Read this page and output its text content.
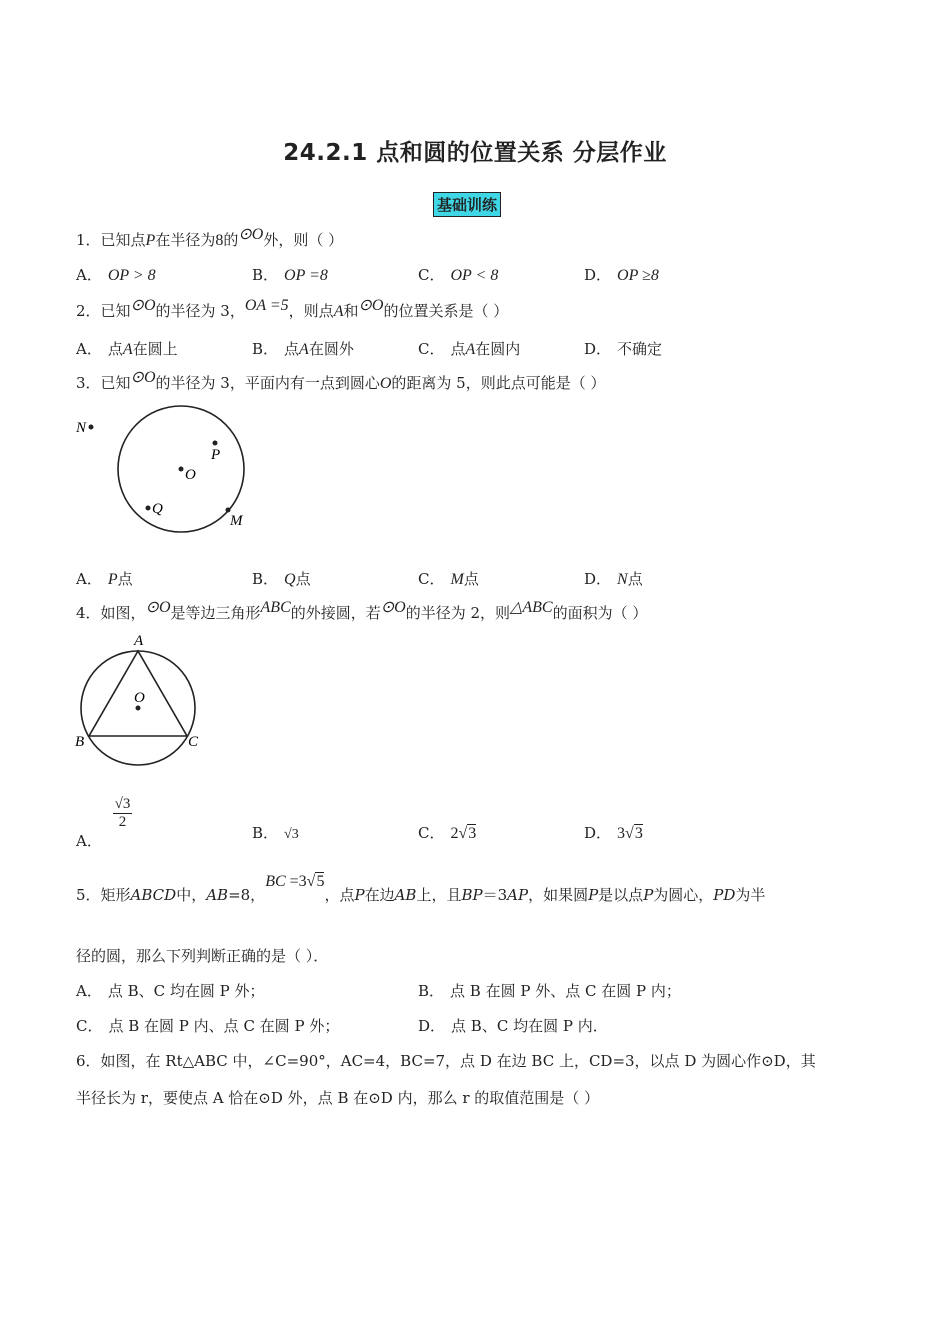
24.2.1 点和圆的位置关系 分层作业
基础训练
1．已知点P在半径为8的⊙O外，则（ ）
A． OP > 8	B． OP =8	C． OP < 8	D． OP ≥8
2．已知⊙O的半径为 3，OA =5，则点A和⊙O的位置关系是（ ）
A． 点A在圆上	B． 点A在圆外	C． 点A在圆内	D． 不确定
3．已知⊙O的半径为 3，平面内有一点到圆心O的距离为 5，则此点可能是（ ）
N
P
O
Q
M
A． P点	B． Q点	C． M点	D． N点
4．如图，⊙O是等边三角形ABC的外接圆，若⊙O的半径为 2，则△ABC的面积为（ ）
A
O
B	C
A．
$\frac{√3}{2}$
B． √3	C． 2√3	D． 3√3
5．矩形ABCD中，AB=8，BC =3√5，点P在边AB上，且BP＝3AP，如果圆P是以点P为圆心，PD为半
径的圆，那么下列判断正确的是（ ）．
A． 点 B、C 均在圆 P 外；	B． 点 B 在圆 P 外、点 C 在圆 P 内；
C． 点 B 在圆 P 内、点 C 在圆 P 外；	D． 点 B、C 均在圆 P 内．
6．如图，在 Rt△ABC 中，∠C=90°，AC=4，BC=7，点 D 在边 BC 上，CD=3，以点 D 为圆心作⊙D，其
半径长为 r，要使点 A 恰在⊙D 外，点 B 在⊙D 内，那么 r 的取值范围是（ ）
